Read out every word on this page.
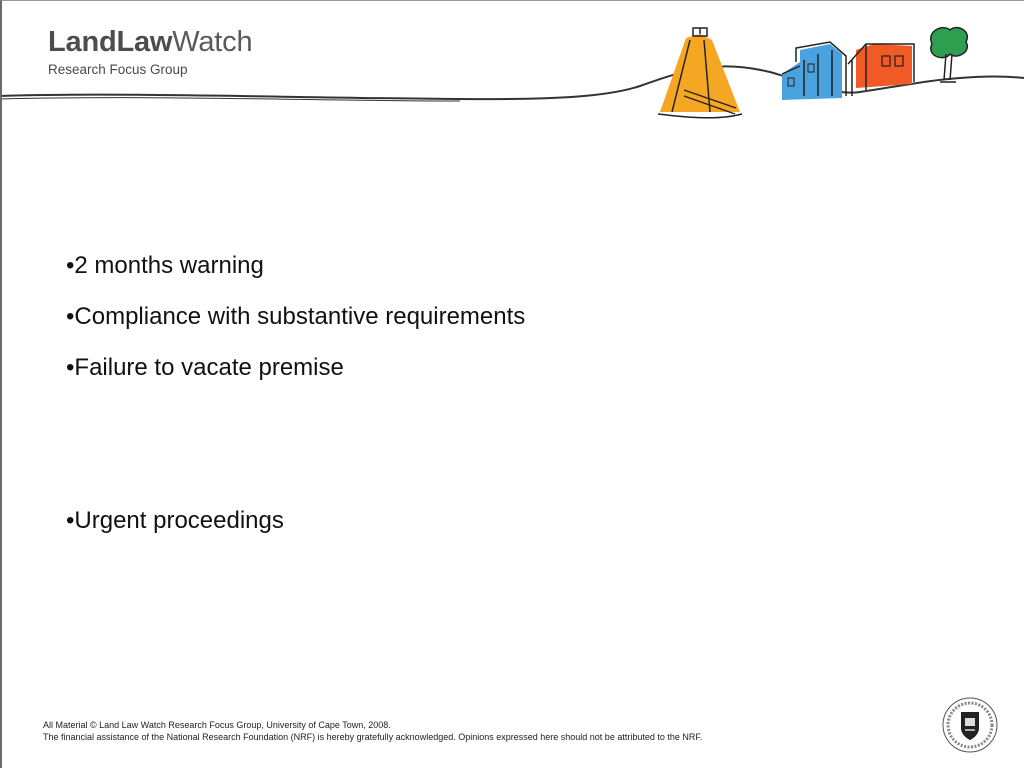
LandLawWatch
Research Focus Group
• 2 months warning
• Compliance with substantive requirements
• Failure to vacate premise
• Urgent proceedings
All Material © Land Law Watch Research Focus Group, University of Cape Town, 2008.
The financial assistance of the National Research Foundation (NRF) is hereby gratefully acknowledged. Opinions expressed here should not be attributed to the NRF.
